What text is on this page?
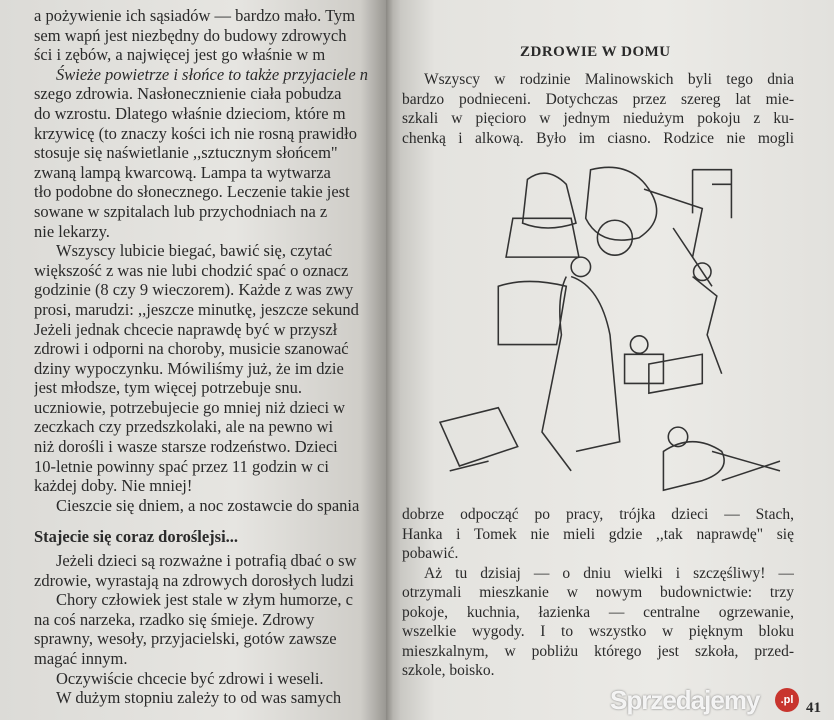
a pożywienie ich sąsiadów — bardzo mało. Tym
sem wapń jest niezbędny do budowy zdrowych
ści i zębów, a najwięcej jest go właśnie w m
Świeże powietrze i słońce to także przyjaciele n
szego zdrowia. Nasłonecznienie ciała pobudza
do wzrostu. Dlatego właśnie dzieciom, które m
krzywicę (to znaczy kości ich nie rosną prawidło
stosuje się naświetlanie ,,sztucznym słońcem"
zwaną lampą kwarcową. Lampa ta wytwarza
tło podobne do słonecznego. Leczenie takie jest
sowane w szpitalach lub przychodniach na z
nie lekarzy.
Wszyscy lubicie biegać, bawić się, czytać
większość z was nie lubi chodzić spać o oznacz
godzinie (8 czy 9 wieczorem). Każde z was zwy
prosi, marudzi: ,,jeszcze minutkę, jeszcze sekund
Jeżeli jednak chcecie naprawdę być w przyszł
zdrowi i odporni na choroby, musicie szanować
dziny wypoczynku. Mówiliśmy już, że im dzie
jest młodsze, tym więcej potrzebuje snu.
uczniowie, potrzebujecie go mniej niż dzieci w
zeczkach czy przedszkolaki, ale na pewno wi
niż dorośli i wasze starsze rodzeństwo. Dzieci
10-letnie powinny spać przez 11 godzin w ci
każdej doby. Nie mniej!
Cieszcie się dniem, a noc zostawcie do spania
Stajecie się coraz doroślejsi...
Jeżeli dzieci są rozważne i potrafią dbać o sw
zdrowie, wyrastają na zdrowych dorosłych ludzi
Chory człowiek jest stale w złym humorze, c
na coś narzeka, rzadko się śmieje. Zdrowy
sprawny, wesoły, przyjacielski, gotów zawsze
magać innym.
Oczywiście chcecie być zdrowi i weseli.
W dużym stopniu zależy to od was samych
ZDROWIE W DOMU
Wszyscy w rodzinie Malinowskich byli tego dnia
bardzo podnieceni. Dotychczas przez szereg lat mie-
szkali w pięcioro w jednym niedużym pokoju z ku-
chenką i alkową. Było im ciasno. Rodzice nie mogli
dobrze odpocząć po pracy, trójka dzieci — Stach,
Hanka i Tomek nie mieli gdzie ,,tak naprawdę" się
pobawić.
Aż tu dzisiaj — o dniu wielki i szczęśliwy! —
otrzymali mieszkanie w nowym budownictwie: trzy
pokoje, kuchnia, łazienka — centralne ogrzewanie,
wszelkie wygody. I to wszystko w pięknym bloku
mieszkalnym, w pobliżu którego jest szkoła, przed-
szkole, boisko.
41
Sprzedajemy	.pl
